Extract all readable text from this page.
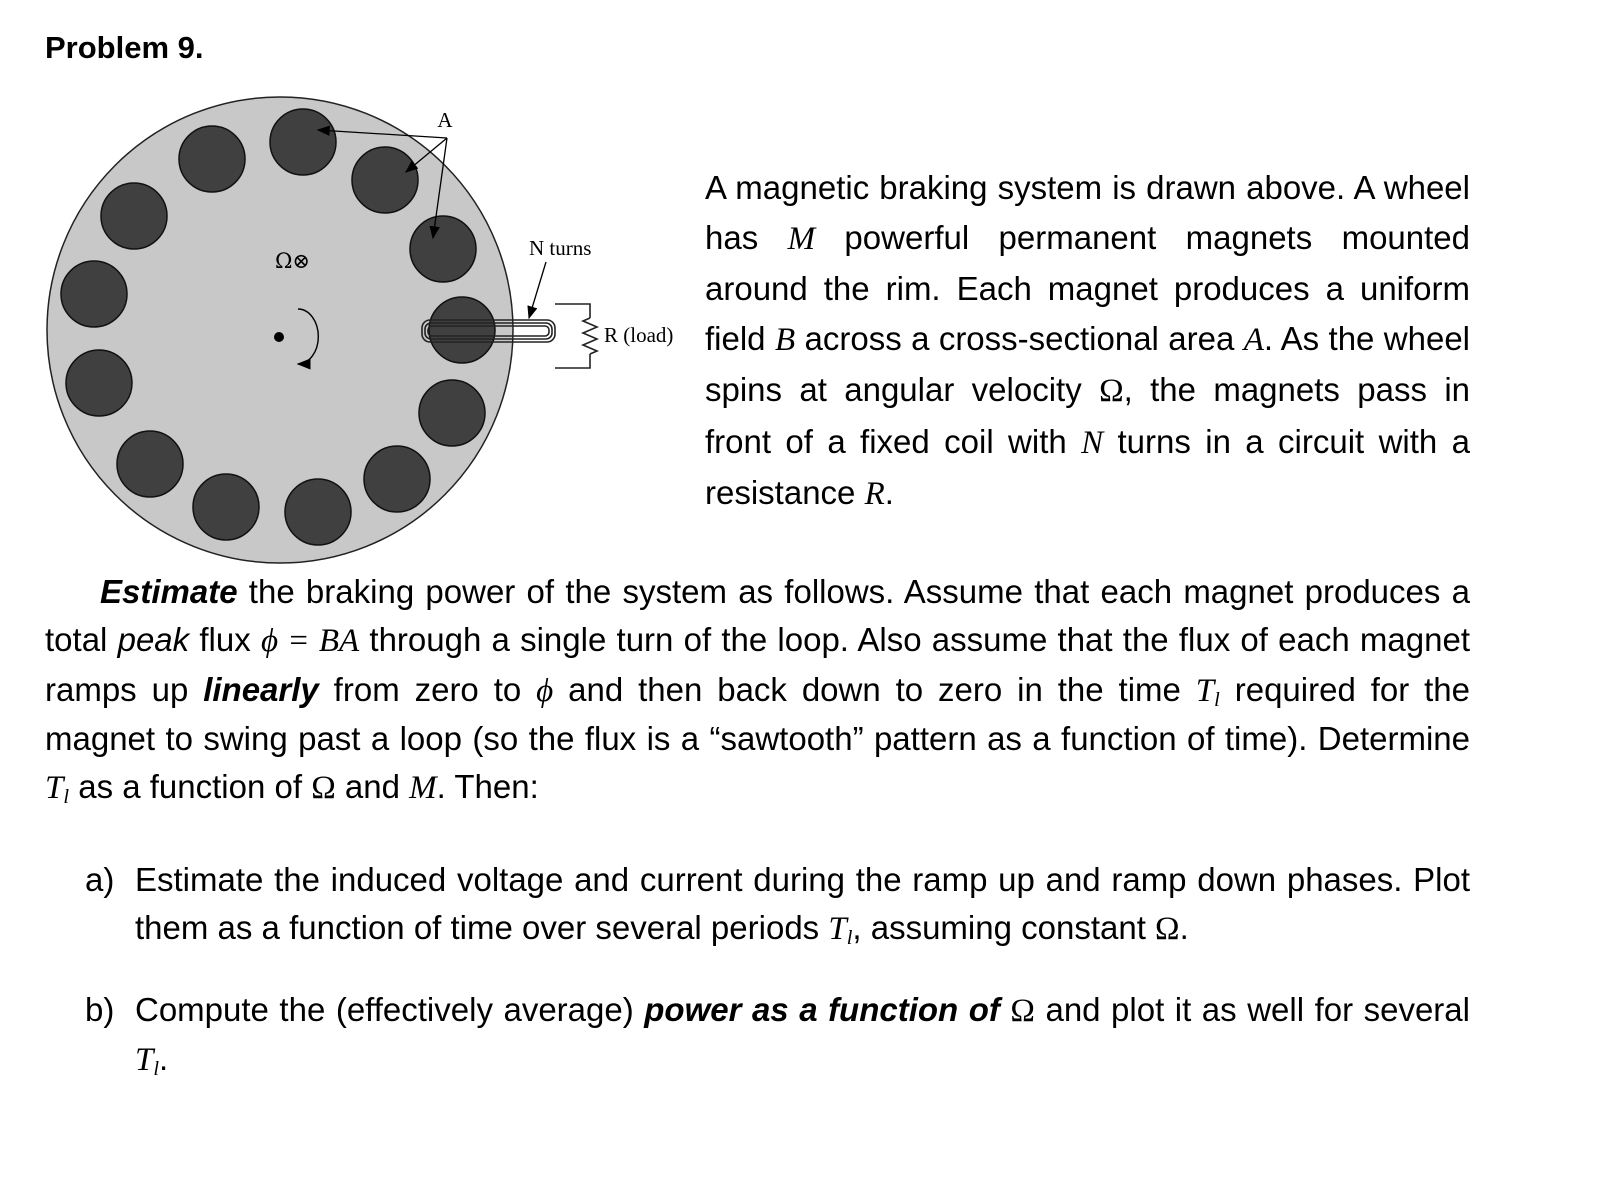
Problem 9.
A
Ω⊗
N turns
R (load)
A magnetic braking system is drawn above. A wheel has M powerful permanent magnets mounted around the rim. Each magnet produces a uniform field B across a cross-sectional area A. As the wheel spins at angular velocity Ω, the magnets pass in front of a fixed coil with N turns in a circuit with a resistance R.
Estimate the braking power of the system as follows. Assume that each magnet produces a total peak flux ϕ = BA through a single turn of the loop. Also assume that the flux of each magnet ramps up linearly from zero to ϕ and then back down to zero in the time $T_l$ required for the magnet to swing past a loop (so the flux is a “sawtooth” pattern as a function of time). Determine $T_l$ as a function of Ω and M. Then:
a) Estimate the induced voltage and current during the ramp up and ramp down phases. Plot them as a function of time over several periods $T_l$, assuming constant Ω.
b) Compute the (effectively average) power as a function of Ω and plot it as well for several $T_l$.
